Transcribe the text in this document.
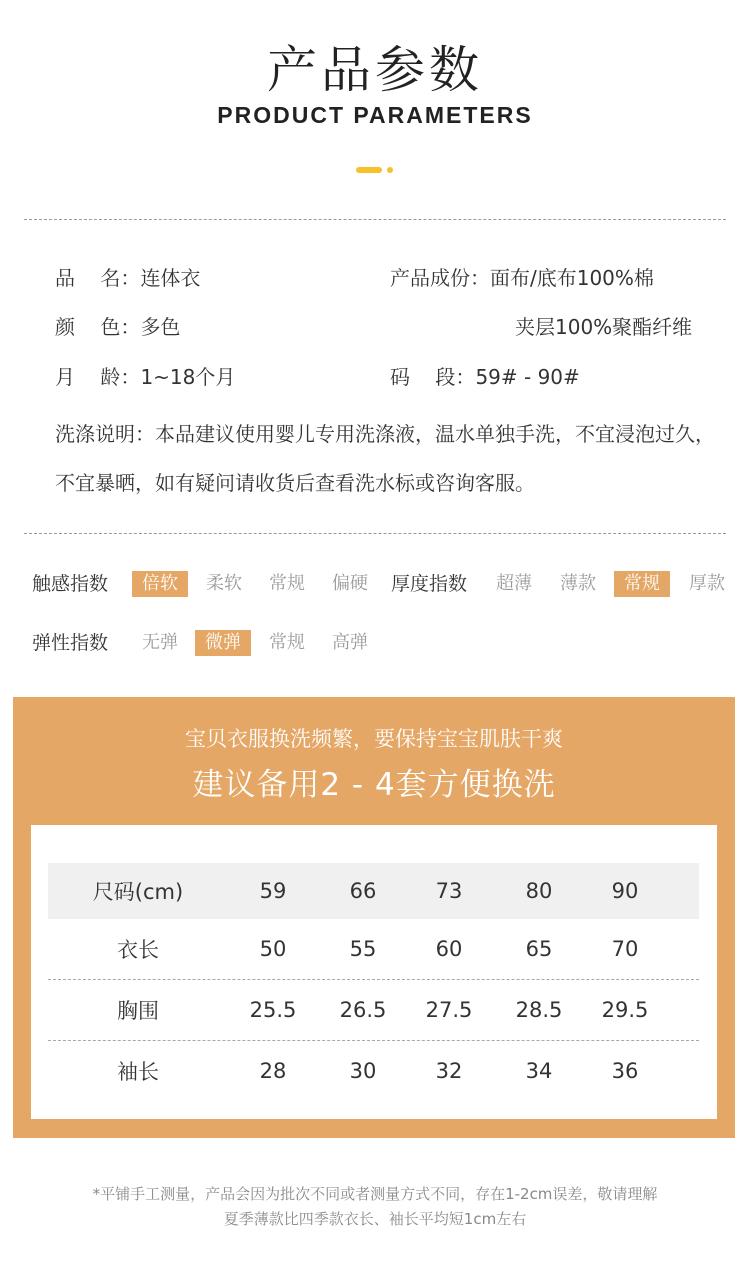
产品参数
PRODUCT PARAMETERS
品    名：连体衣	产品成份：面布/底布100%棉
夹层100%聚酯纤维
颜    色：多色
月    龄：1~18个月	码    段：59# - 90#
洗涤说明：本品建议使用婴儿专用洗涤液，温水单独手洗，不宜浸泡过久，不宜暴晒，如有疑问请收货后查看洗水标或咨询客服。
触感指数	倍软	柔软 常规 偏硬 厚度指数 超薄 薄款	常规	厚款
弹性指数 无弹	微弹	常规 高弹
宝贝衣服换洗频繁，要保持宝宝肌肤干爽
建议备用2 - 4套方便换洗
尺码(cm)	59	66	73	80	90
衣长	50	55	60	65	70
胸围	25.5	26.5	27.5	28.5	29.5
袖长	28	30	32	34	36
*平铺手工测量，产品会因为批次不同或者测量方式不同，存在1-2cm误差，敬请理解
夏季薄款比四季款衣长、袖长平均短1cm左右
